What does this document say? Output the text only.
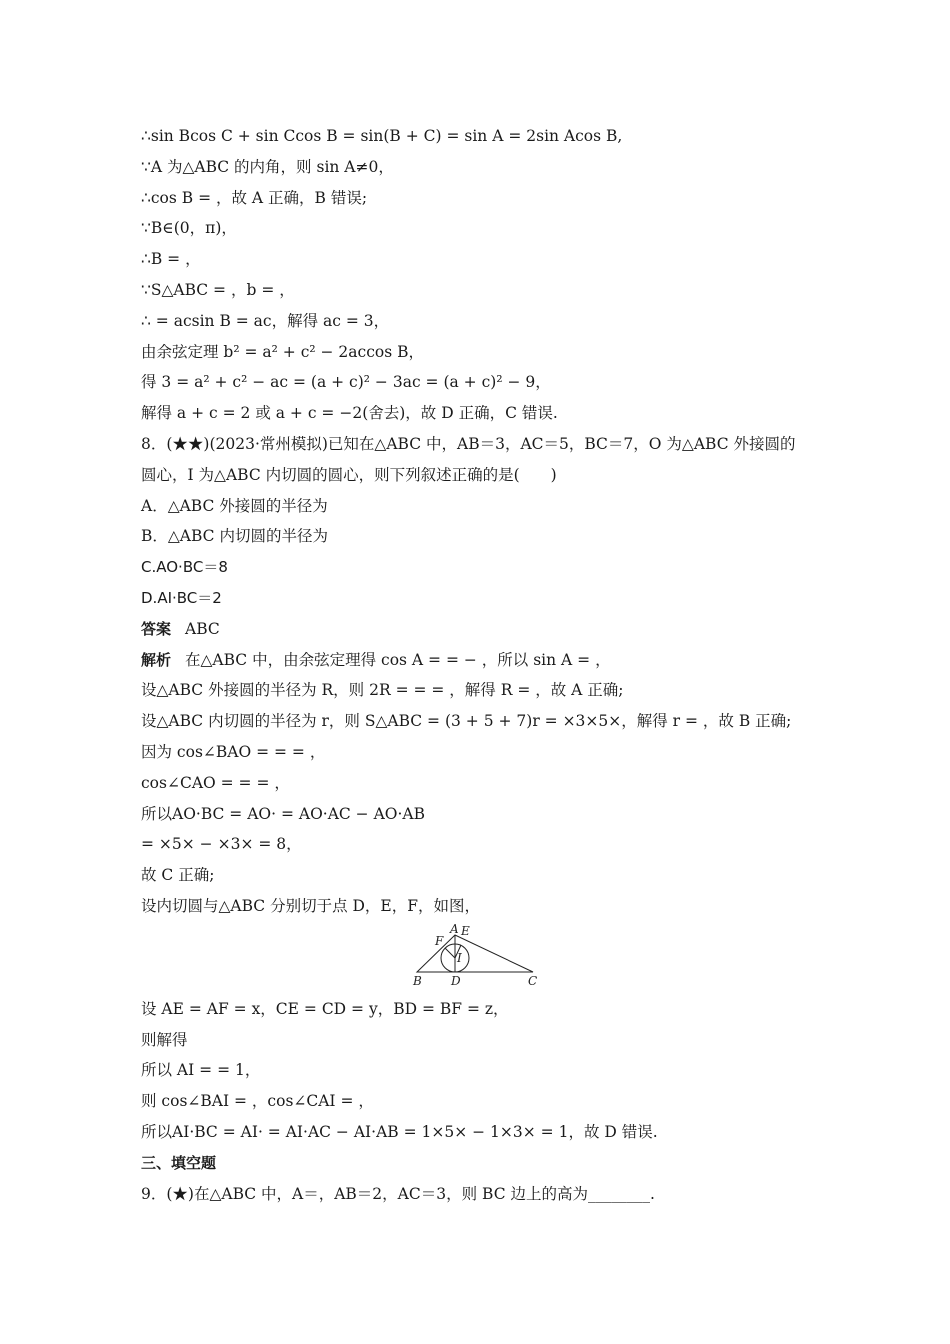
∴sin Bcos C + sin Ccos B = sin(B + C) = sin A = 2sin Acos B,
∵A 为△ABC 的内角，则 sin A≠0，
∴cos B = ，故 A 正确，B 错误;
∵B∈(0，π)，
∴B = ，
∵S△ABC = ，b = ，
∴ = acsin B = ac，解得 ac = 3，
由余弦定理 b² = a² + c² − 2accos B，
得 3 = a² + c² − ac = (a + c)² − 3ac = (a + c)² − 9，
解得 a + c = 2 或 a + c = −2(舍去)，故 D 正确，C 错误.
8．(★★)(2023·常州模拟)已知在△ABC 中，AB＝3，AC＝5，BC＝7，O 为△ABC 外接圆的
圆心，I 为△ABC 内切圆的圆心，则下列叙述正确的是(　　)
A．△ABC 外接圆的半径为
B．△ABC 内切圆的半径为
C.AO·BC＝8
D.AI·BC＝2
答案 ABC
解析 在△ABC 中，由余弦定理得 cos A = = − ，所以 sin A = ，
设△ABC 外接圆的半径为 R，则 2R = = = ，解得 R = ，故 A 正确;
设△ABC 内切圆的半径为 r，则 S△ABC = (3 + 5 + 7)r = ×3×5×，解得 r = ，故 B 正确;
因为 cos∠BAO = = = ，
cos∠CAO = = = ，
所以AO·BC = AO· = AO·AC − AO·AB
= ×5× − ×3× = 8，
故 C 正确;
设内切圆与△ABC 分别切于点 D，E，F，如图，
A E
F
I
B D	C
设 AE = AF = x，CE = CD = y，BD = BF = z，
则解得
所以 AI = = 1，
则 cos∠BAI = ，cos∠CAI = ，
所以AI·BC = AI· = AI·AC − AI·AB = 1×5× − 1×3× = 1，故 D 错误.
三、填空题
9．(★)在△ABC 中，A＝，AB＝2，AC＝3，则 BC 边上的高为________.
